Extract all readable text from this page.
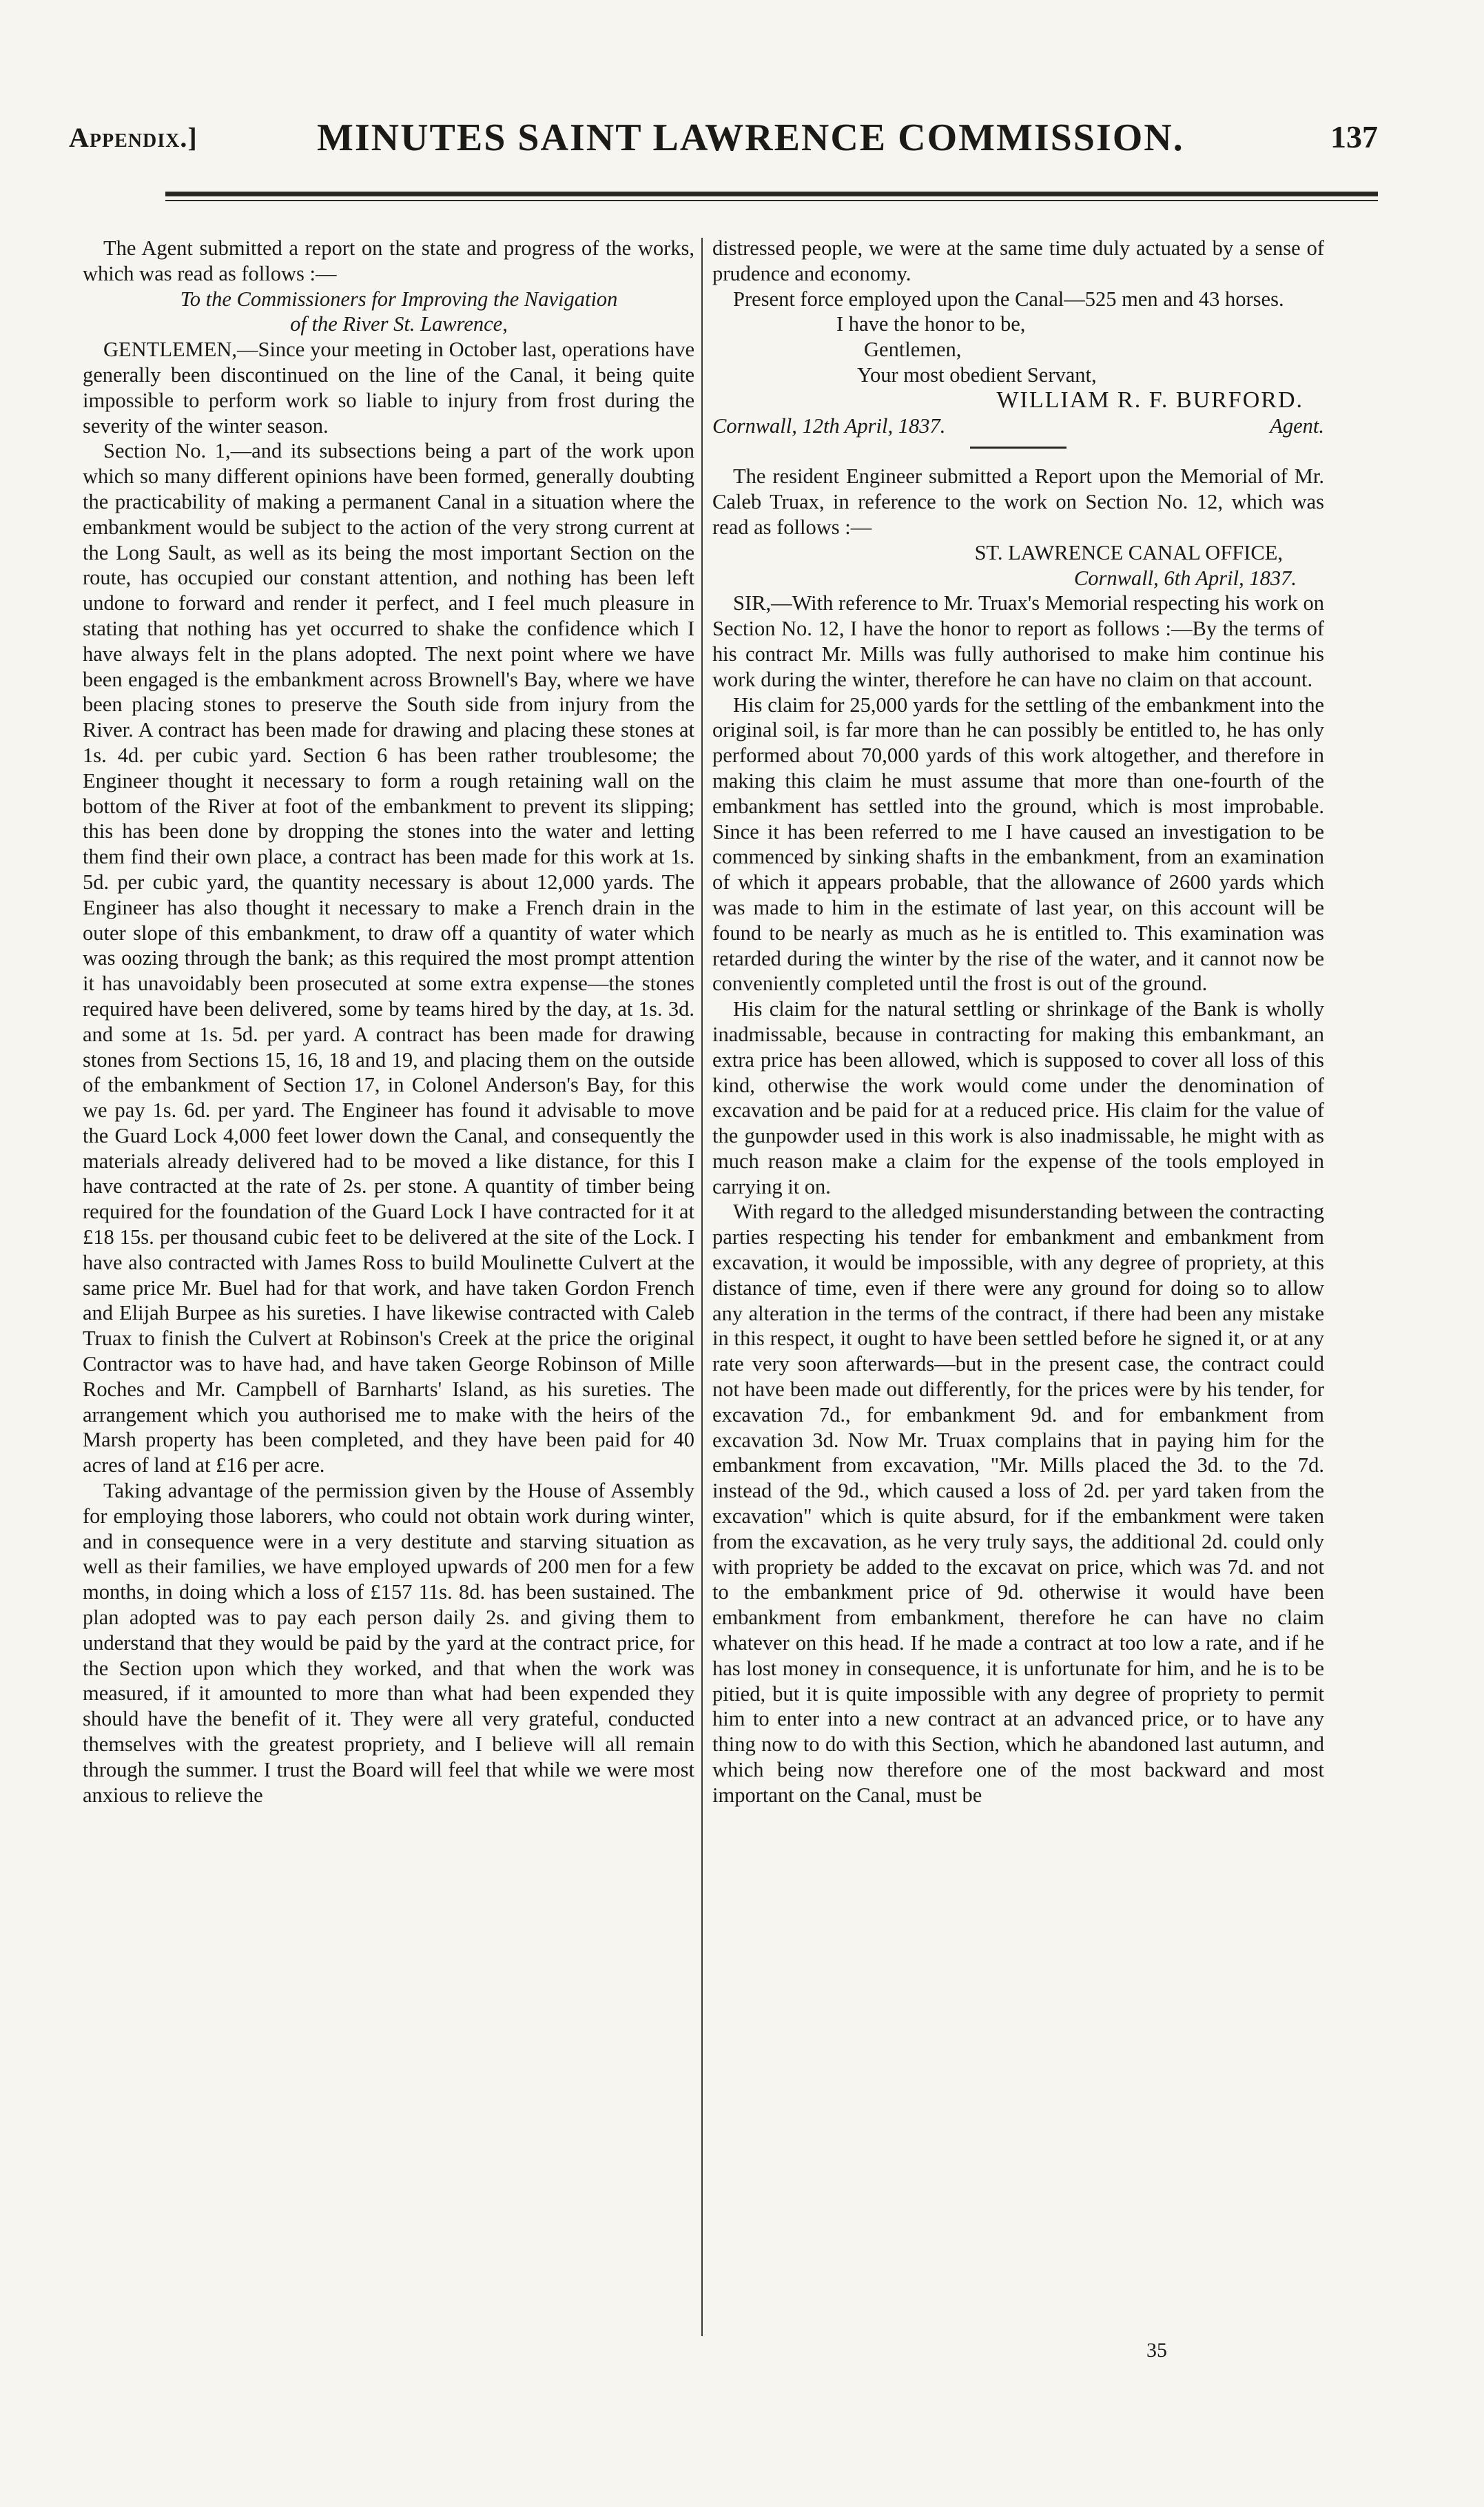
Appendix.]	MINUTES SAINT LAWRENCE COMMISSION.	137

The Agent submitted a report on the state and progress of the works, which was read as follows :—

To the Commissioners for Improving the Navigation

of the River St. Lawrence,

GENTLEMEN,—Since your meeting in October last, operations have generally been discontinued on the line of the Canal, it being quite impossible to perform work so liable to injury from frost during the severity of the winter season.

Section No. 1,—and its subsections being a part of the work upon which so many different opinions have been formed, generally doubting the practicability of making a permanent Canal in a situation where the embankment would be subject to the action of the very strong current at the Long Sault, as well as its being the most important Section on the route, has occupied our constant attention, and nothing has been left undone to forward and render it perfect, and I feel much pleasure in stating that nothing has yet occurred to shake the confidence which I have always felt in the plans adopted. The next point where we have been engaged is the embankment across Brownell's Bay, where we have been placing stones to preserve the South side from injury from the River. A contract has been made for drawing and placing these stones at 1s. 4d. per cubic yard. Section 6 has been rather troublesome; the Engineer thought it necessary to form a rough retaining wall on the bottom of the River at foot of the embankment to prevent its slipping; this has been done by dropping the stones into the water and letting them find their own place, a contract has been made for this work at 1s. 5d. per cubic yard, the quantity necessary is about 12,000 yards. The Engineer has also thought it necessary to make a French drain in the outer slope of this embankment, to draw off a quantity of water which was oozing through the bank; as this required the most prompt attention it has unavoidably been prosecuted at some extra expense—the stones required have been delivered, some by teams hired by the day, at 1s. 3d. and some at 1s. 5d. per yard. A contract has been made for drawing stones from Sections 15, 16, 18 and 19, and placing them on the outside of the embankment of Section 17, in Colonel Anderson's Bay, for this we pay 1s. 6d. per yard. The Engineer has found it advisable to move the Guard Lock 4,000 feet lower down the Canal, and consequently the materials already delivered had to be moved a like distance, for this I have contracted at the rate of 2s. per stone. A quantity of timber being required for the foundation of the Guard Lock I have contracted for it at £18 15s. per thousand cubic feet to be delivered at the site of the Lock. I have also contracted with James Ross to build Moulinette Culvert at the same price Mr. Buel had for that work, and have taken Gordon French and Elijah Burpee as his sureties. I have likewise contracted with Caleb Truax to finish the Culvert at Robinson's Creek at the price the original Contractor was to have had, and have taken George Robinson of Mille Roches and Mr. Campbell of Barnharts' Island, as his sureties. The arrangement which you authorised me to make with the heirs of the Marsh property has been completed, and they have been paid for 40 acres of land at £16 per acre.

Taking advantage of the permission given by the House of Assembly for employing those laborers, who could not obtain work during winter, and in consequence were in a very destitute and starving situation as well as their families, we have employed upwards of 200 men for a few months, in doing which a loss of £157 11s. 8d. has been sustained. The plan adopted was to pay each person daily 2s. and giving them to understand that they would be paid by the yard at the contract price, for the Section upon which they worked, and that when the work was measured, if it amounted to more than what had been expended they should have the benefit of it. They were all very grateful, conducted themselves with the greatest propriety, and I believe will all remain through the summer. I trust the Board will feel that while we were most anxious to relieve the

distressed people, we were at the same time duly actuated by a sense of prudence and economy.

Present force employed upon the Canal—525 men and 43 horses.

I have the honor to be,

Gentlemen,

Your most obedient Servant,

WILLIAM R. F. BURFORD.

Cornwall, 12th April, 1837.	Agent.

The resident Engineer submitted a Report upon the Memorial of Mr. Caleb Truax, in reference to the work on Section No. 12, which was read as follows :—

ST. LAWRENCE CANAL OFFICE,

Cornwall, 6th April, 1837.

SIR,—With reference to Mr. Truax's Memorial respecting his work on Section No. 12, I have the honor to report as follows :—By the terms of his contract Mr. Mills was fully authorised to make him continue his work during the winter, therefore he can have no claim on that account.

His claim for 25,000 yards for the settling of the embankment into the original soil, is far more than he can possibly be entitled to, he has only performed about 70,000 yards of this work altogether, and therefore in making this claim he must assume that more than one-fourth of the embankment has settled into the ground, which is most improbable. Since it has been referred to me I have caused an investigation to be commenced by sinking shafts in the embankment, from an examination of which it appears probable, that the allowance of 2600 yards which was made to him in the estimate of last year, on this account will be found to be nearly as much as he is entitled to. This examination was retarded during the winter by the rise of the water, and it cannot now be conveniently completed until the frost is out of the ground.

His claim for the natural settling or shrinkage of the Bank is wholly inadmissable, because in contracting for making this embankmant, an extra price has been allowed, which is supposed to cover all loss of this kind, otherwise the work would come under the denomination of excavation and be paid for at a reduced price. His claim for the value of the gunpowder used in this work is also inadmissable, he might with as much reason make a claim for the expense of the tools employed in carrying it on.

With regard to the alledged misunderstanding between the contracting parties respecting his tender for embankment and embankment from excavation, it would be impossible, with any degree of propriety, at this distance of time, even if there were any ground for doing so to allow any alteration in the terms of the contract, if there had been any mistake in this respect, it ought to have been settled before he signed it, or at any rate very soon afterwards—but in the present case, the contract could not have been made out differently, for the prices were by his tender, for excavation 7d., for embankment 9d. and for embankment from excavation 3d. Now Mr. Truax complains that in paying him for the embankment from excavation, "Mr. Mills placed the 3d. to the 7d. instead of the 9d., which caused a loss of 2d. per yard taken from the excavation" which is quite absurd, for if the embankment were taken from the excavation, as he very truly says, the additional 2d. could only with propriety be added to the excavat on price, which was 7d. and not to the embankment price of 9d. otherwise it would have been embankment from embankment, therefore he can have no claim whatever on this head. If he made a contract at too low a rate, and if he has lost money in consequence, it is unfortunate for him, and he is to be pitied, but it is quite impossible with any degree of propriety to permit him to enter into a new contract at an advanced price, or to have any thing now to do with this Section, which he abandoned last autumn, and which being now therefore one of the most backward and most important on the Canal, must be

35
